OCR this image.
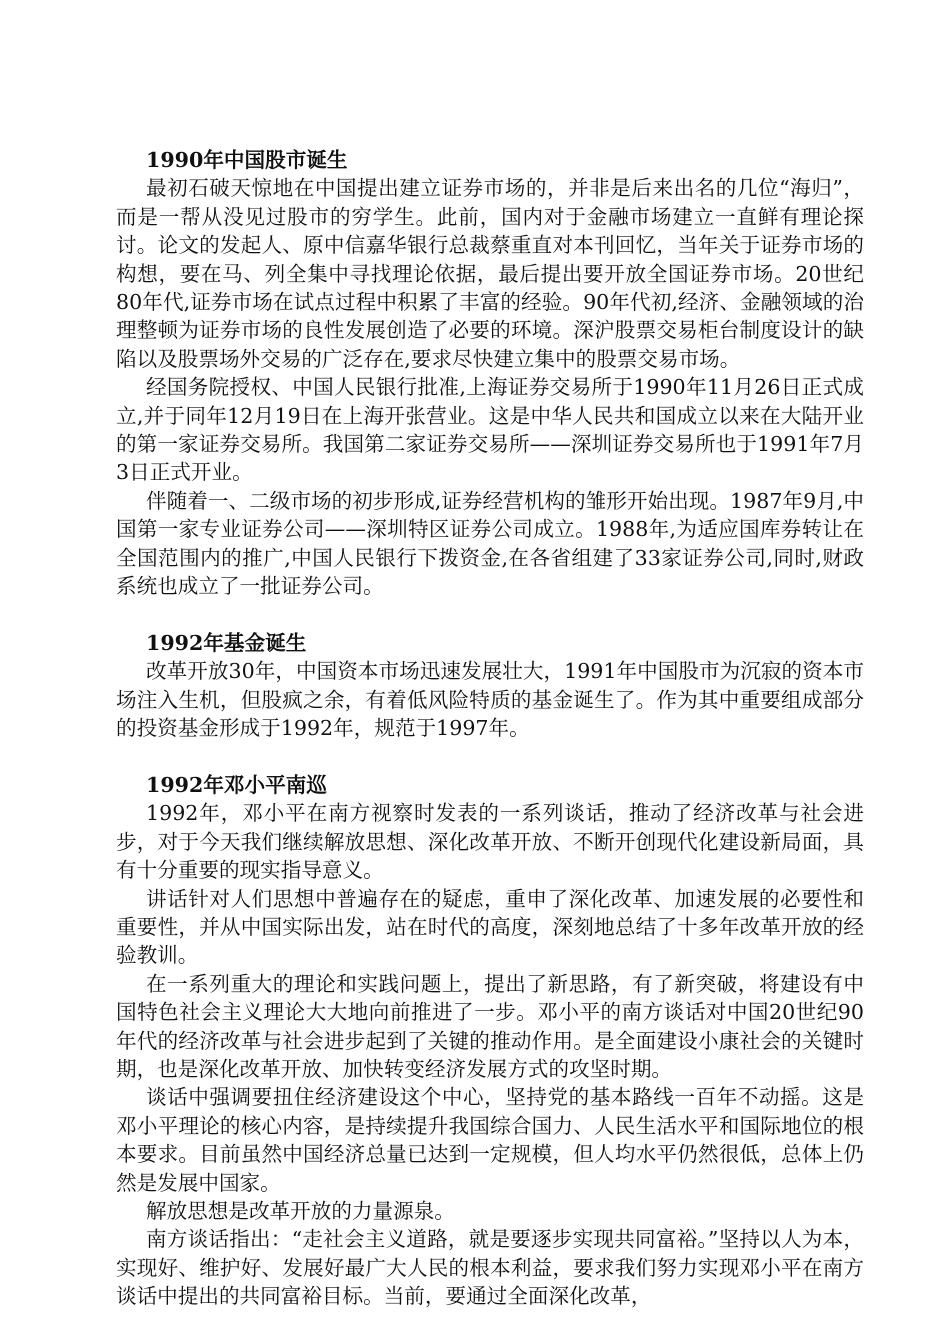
1990年中国股市诞生

最初石破天惊地在中国提出建立证券市场的，并非是后来出名的几位“海归”，而是一帮从没见过股市的穷学生。此前，国内对于金融市场建立一直鲜有理论探讨。论文的发起人、原中信嘉华银行总裁蔡重直对本刊回忆，当年关于证券市场的构想，要在马、列全集中寻找理论依据，最后提出要开放全国证券市场。20世纪80年代,证券市场在试点过程中积累了丰富的经验。90年代初,经济、金融领域的治理整顿为证券市场的良性发展创造了必要的环境。深沪股票交易柜台制度设计的缺陷以及股票场外交易的广泛存在,要求尽快建立集中的股票交易市场。

经国务院授权、中国人民银行批准,上海证券交易所于1990年11月26日正式成立,并于同年12月19日在上海开张营业。这是中华人民共和国成立以来在大陆开业的第一家证券交易所。我国第二家证券交易所——深圳证券交易所也于1991年7月3日正式开业。

伴随着一、二级市场的初步形成,证券经营机构的雏形开始出现。1987年9月,中国第一家专业证券公司——深圳特区证券公司成立。1988年,为适应国库券转让在全国范围内的推广,中国人民银行下拨资金,在各省组建了33家证券公司,同时,财政系统也成立了一批证券公司。

1992年基金诞生

改革开放30年，中国资本市场迅速发展壮大，1991年中国股市为沉寂的资本市场注入生机，但股疯之余，有着低风险特质的基金诞生了。作为其中重要组成部分的投资基金形成于1992年，规范于1997年。

1992年邓小平南巡

1992年，邓小平在南方视察时发表的一系列谈话，推动了经济改革与社会进步，对于今天我们继续解放思想、深化改革开放、不断开创现代化建设新局面，具有十分重要的现实指导意义。

讲话针对人们思想中普遍存在的疑虑，重申了深化改革、加速发展的必要性和重要性，并从中国实际出发，站在时代的高度，深刻地总结了十多年改革开放的经验教训。

在一系列重大的理论和实践问题上，提出了新思路，有了新突破，将建设有中国特色社会主义理论大大地向前推进了一步。邓小平的南方谈话对中国20世纪90年代的经济改革与社会进步起到了关键的推动作用。是全面建设小康社会的关键时期，也是深化改革开放、加快转变经济发展方式的攻坚时期。

谈话中强调要扭住经济建设这个中心，坚持党的基本路线一百年不动摇。这是邓小平理论的核心内容，是持续提升我国综合国力、人民生活水平和国际地位的根本要求。目前虽然中国经济总量已达到一定规模，但人均水平仍然很低，总体上仍然是发展中国家。

解放思想是改革开放的力量源泉。

南方谈话指出：“走社会主义道路，就是要逐步实现共同富裕。”坚持以人为本，实现好、维护好、发展好最广大人民的根本利益，要求我们努力实现邓小平在南方谈话中提出的共同富裕目标。当前，要通过全面深化改革，
